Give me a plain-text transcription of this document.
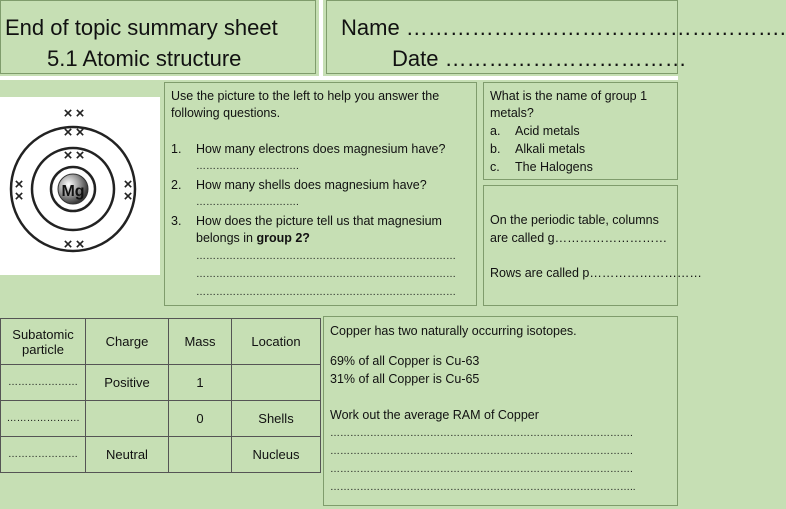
End of topic summary sheet
5.1 Atomic structure
Name …………………………………………….
Date ……………………………
Mg
× ×
× ×
× ×
×
×
×
×
× ×
Use the picture to the left to help you answer the
following questions.
1. How many electrons does magnesium have?
………………………….
2. How many shells does magnesium have?
………………………….
3. How does the picture tell us that magnesium
belongs in group 2?
……………………………………………………………………
……………………………………………………………………
……………………………………………………………………
What is the name of group 1
metals?
a. Acid metals
b. Alkali metals
c. The Halogens
On the periodic table, columns
are called g………………………
Rows are called p………………………
Subatomic particle	Charge	Mass	Location
…………………	Positive	1	
………………….		0	Shells
…………………	Neutral		Nucleus
Copper has two naturally occurring isotopes.
69% of all Copper is Cu-63
31% of all Copper is Cu-65
Work out the average RAM of Copper
……………………………………………………………………………….
……………………………………………………………………………….
……………………………………………………………………………….
………………………………………………………………………………..
